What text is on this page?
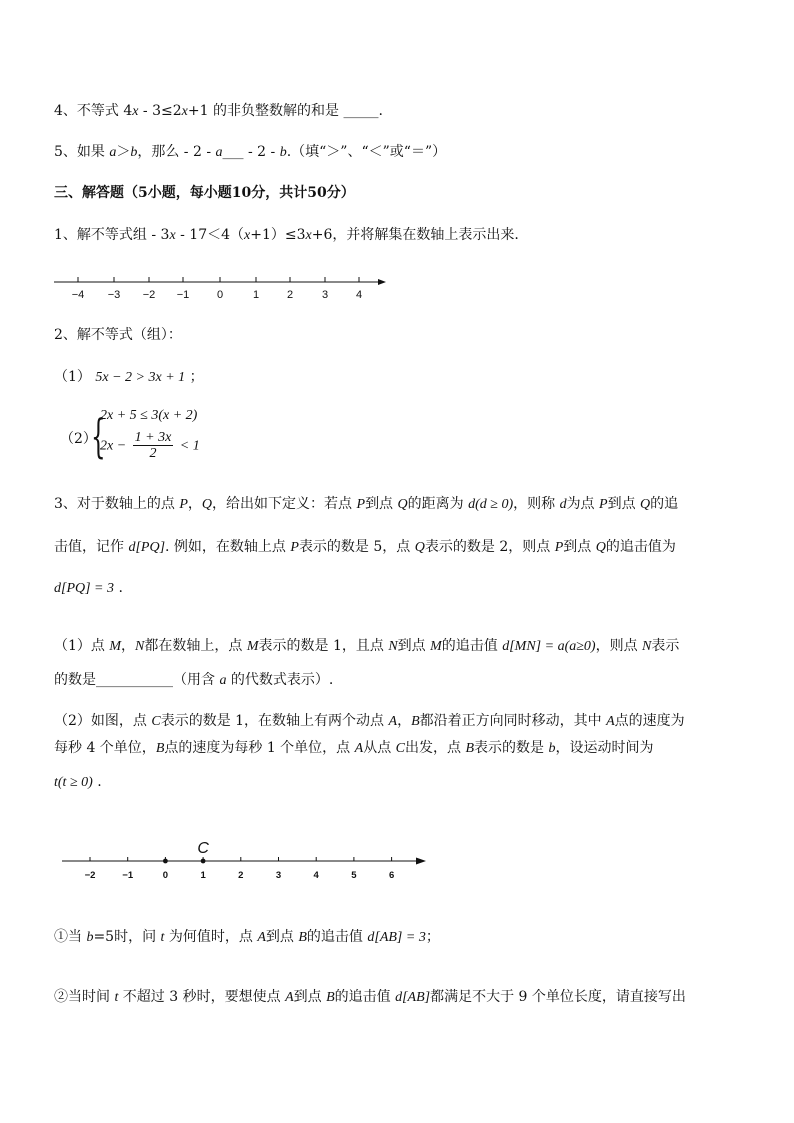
4、不等式 4x - 3≤2x+1 的非负整数解的和是 _____.
5、如果 a＞b，那么 - 2 - a___ - 2 - b.（填“＞”、“＜”或“＝”）
三、解答题（5小题，每小题10分，共计50分）
1、解不等式组 - 3x - 17＜4（x+1）≤3x+6，并将解集在数轴上表示出来.
−4 −3 −2 −1	0	1	2	3	4
2、解不等式（组）：
（1） 5x − 2 > 3x + 1 ；
（2）
{
2x + 5 ≤ 3(x + 2)
$2x - \frac{1 + 3x}{2} < 1$
3、对于数轴上的点 P，Q，给出如下定义：若点 P到点 Q的距离为 d(d ≥ 0)，则称 d为点 P到点 Q的追
击值，记作 d[PQ]. 例如，在数轴上点 P表示的数是 5，点 Q表示的数是 2，则点 P到点 Q的追击值为
d[PQ] = 3 .
（1）点 M，N都在数轴上，点 M表示的数是 1，且点 N到点 M的追击值 d[MN] = a(a≥0)，则点 N表示
的数是___________（用含 a 的代数式表示）.
（2）如图，点 C表示的数是 1，在数轴上有两个动点 A，B都沿着正方向同时移动，其中 A点的速度为
每秒 4 个单位，B点的速度为每秒 1 个单位，点 A从点 C出发，点 B表示的数是 b，设运动时间为
t(t ≥ 0) .
−2	−1	0	1	2	3	4	5	6
C
①当 b=5时，问 t 为何值时，点 A到点 B的追击值 d[AB] = 3；
②当时间 t 不超过 3 秒时，要想使点 A到点 B的追击值 d[AB]都满足不大于 9 个单位长度，请直接写出
